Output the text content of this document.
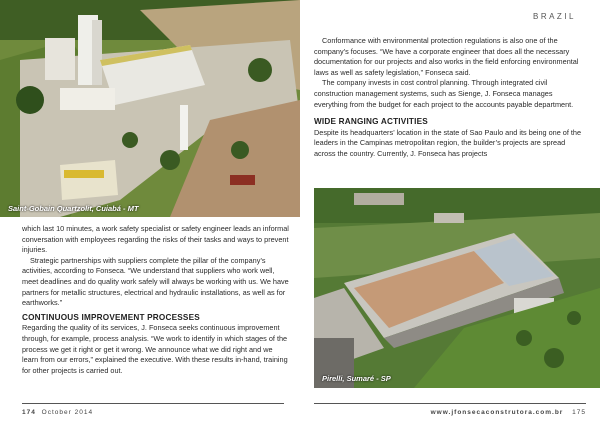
Saint-Gobain Quartzolit, Cuiabá - MT

which last 10 minutes, a work safety specialist or safety engineer leads an informal conversation with employees regarding the risks of their tasks and ways to prevent injuries.

Strategic partnerships with suppliers complete the pillar of the company’s activities, according to Fonseca. “We understand that suppliers who work well, meet deadlines and do quality work safely will always be working with us. We have partners for metallic structures, electrical and hydraulic installations, as well as for earthworks.”

CONTINUOUS IMPROVEMENT PROCESSES

Regarding the quality of its services, J. Fonseca seeks continuous improvement through, for example, process analysis. “We work to identify in which stages of the process we get it right or get it wrong. We announce what we did right and we learn from our errors,” explained the executive. With these results in-hand, training for other projects is carried out.

174 October 2014
BRAZIL

Conformance with environmental protection regulations is also one of the company’s focuses. “We have a corporate engineer that does all the necessary documentation for our projects and also works in the field enforcing environmental laws as well as safety legislation,” Fonseca said.

The company invests in cost control planning. Through integrated civil construction management systems, such as Sienge, J. Fonseca manages everything from the budget for each project to the accounts payable department.

WIDE RANGING ACTIVITIES

Despite its headquarters’ location in the state of Sao Paulo and its being one of the leaders in the Campinas metropolitan region, the builder’s projects are spread across the country. Currently, J. Fonseca has projects

Pirelli, Sumaré - SP
www.jfonsecaconstrutora.com.br 175
